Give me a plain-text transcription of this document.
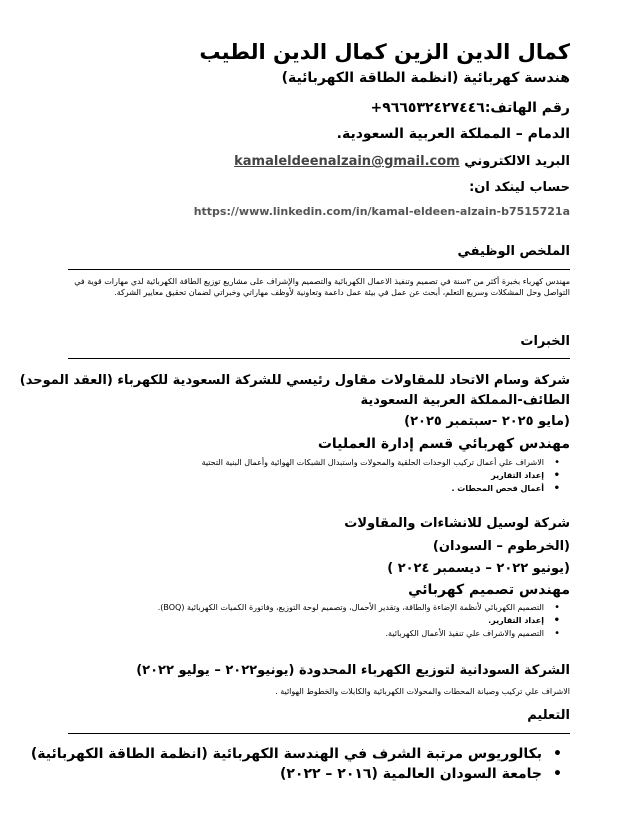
كمال الدين الزين كمال الدين الطيب
هندسة كهربائية (انظمة الطاقة الكهربائية)
رقم الهاتف:٩٦٦٥٣٢٤٢٧٤٤٦+
الدمام – المملكة العربية السعودية.
البريد الالكتروني kamaleldeenalzain@gmail.com
حساب لينكد ان:
https://www.linkedin.com/in/kamal-eldeen-alzain-b7515721a
الملخص الوظيفي
مهندس كهرباء بخبرة أكثر من ٣سنة في تصميم وتنفيذ الاعمال الكهربائية والتصميم والإشراف على مشاريع توزيع الطاقة الكهربائية لدي مهارات قوية في التواصل وحل المشكلات وسريع التعلم، أبحث عن عمل في بيئة عمل داعمة وتعاونية لأوظف مهاراتي وخبراتي لضمان تحقيق معايير الشركة.
الخبرات
شركة وسام الاتحاد للمقاولات مقاول رئيسي للشركة السعودية للكهرباء (العقد الموحد)
الطائف-المملكة العربية السعودية
(مايو ٢٠٢٥ -سبتمبر ٢٠٢٥)
مهندس كهربائي قسم إدارة العمليات
• الاشراف علي أعمال تركيب الوحدات الحلقية والمحولات واستبدال الشبكات الهوائية وأعمال البنية التحتية
• إعداد التقارير
• أعمال فحص المحطات .
شركة لوسيل للانشاءات والمقاولات
(الخرطوم – السودان)
(يونيو ٢٠٢٢ – ديسمبر ٢٠٢٤ )
مهندس تصميم كهربائي
• التصميم الكهربائي لأنظمة الإضاءة والطاقة، وتقدير الأحمال، وتصميم لوحة التوزيع، وفاتورة الكميات الكهربائية (BOQ).
• إعداد التقارير.
• التصميم والاشراف علي تنفيذ الأعمال الكهربائية.
الشركة السودانية لتوزيع الكهرباء المحدودة (يونيو٢٠٢٢ – يوليو ٢٠٢٢)
الاشراف علي تركيب وصيانة المحطات والمحولات الكهربائية والكابلات والخطوط الهوائية .
التعليم
• بكالوريوس مرتبة الشرف في الهندسة الكهربائية (انظمة الطاقة الكهربائية)
• جامعة السودان العالمية (٢٠١٦ – ٢٠٢٢)
